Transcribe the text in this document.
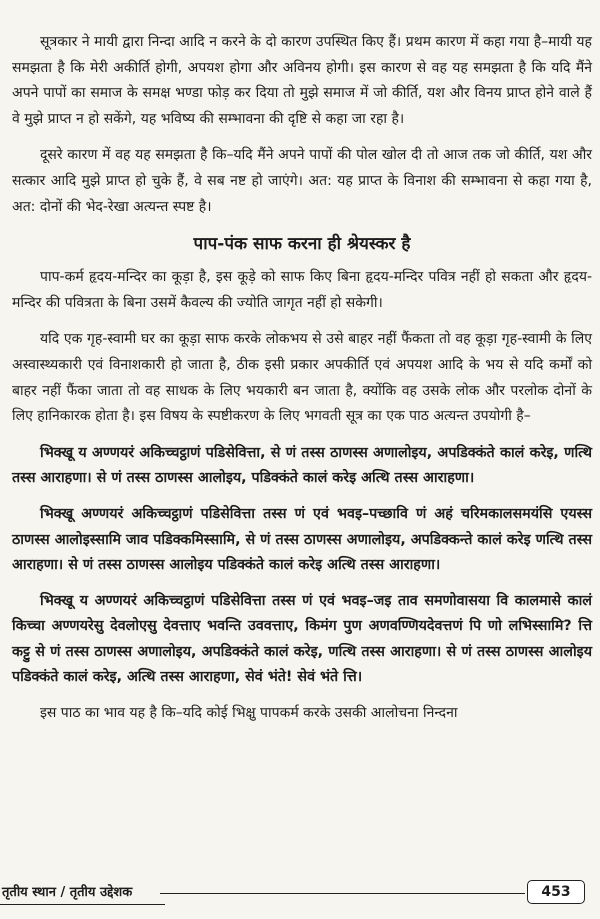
सूत्रकार ने मायी द्वारा निन्दा आदि न करने के दो कारण उपस्थित किए हैं। प्रथम कारण में कहा गया है–मायी यह समझता है कि मेरी अकीर्ति होगी, अपयश होगा और अविनय होगी। इस कारण से वह यह समझता है कि यदि मैंने अपने पापों का समाज के समक्ष भण्डा फोड़ कर दिया तो मुझे समाज में जो कीर्ति, यश और विनय प्राप्त होने वाले हैं वे मुझे प्राप्त न हो सकेंगे, यह भविष्य की सम्भावना की दृष्टि से कहा जा रहा है।

दूसरे कारण में वह यह समझता है कि–यदि मैंने अपने पापों की पोल खोल दी तो आज तक जो कीर्ति, यश और सत्कार आदि मुझे प्राप्त हो चुके हैं, वे सब नष्ट हो जाएंगे। अत: यह प्राप्त के विनाश की सम्भावना से कहा गया है, अत: दोनों की भेद-रेखा अत्यन्त स्पष्ट है।

पाप-पंक साफ करना ही श्रेयस्कर है

पाप-कर्म हृदय-मन्दिर का कूड़ा है, इस कूड़े को साफ किए बिना हृदय-मन्दिर पवित्र नहीं हो सकता और हृदय-मन्दिर की पवित्रता के बिना उसमें कैवल्य की ज्योति जागृत नहीं हो सकेगी।

यदि एक गृह-स्वामी घर का कूड़ा साफ करके लोकभय से उसे बाहर नहीं फैंकता तो वह कूड़ा गृह-स्वामी के लिए अस्वास्थ्यकारी एवं विनाशकारी हो जाता है, ठीक इसी प्रकार अपकीर्ति एवं अपयश आदि के भय से यदि कर्मों को बाहर नहीं फैंका जाता तो वह साधक के लिए भयकारी बन जाता है, क्योंकि वह उसके लोक और परलोक दोनों के लिए हानिकारक होता है। इस विषय के स्पष्टीकरण के लिए भगवती सूत्र का एक पाठ अत्यन्त उपयोगी है–

भिक्खू य अण्णयरं अकिच्चट्ठाणं पडिसेवित्ता, से णं तस्स ठाणस्स अणालोइय, अपडिक्कंते कालं करेइ, णत्थि तस्स आराहणा। से णं तस्स ठाणस्स आलोइय, पडिक्कंते कालं करेइ अत्थि तस्स आराहणा।

भिक्खू अण्णयरं अकिच्चट्ठाणं पडिसेवित्ता तस्स णं एवं भवइ–पच्छावि णं अहं चरिमकालसमयंसि एयस्स ठाणस्स आलोइस्सामि जाव पडिक्कमिस्सामि, से णं तस्स ठाणस्स अणालोइय, अपडिक्कन्ते कालं करेइ णत्थि तस्स आराहणा। से णं तस्स ठाणस्स आलोइय पडिक्कंते कालं करेइ अत्थि तस्स आराहणा।

भिक्खू य अण्णयरं अकिच्चट्ठाणं पडिसेवित्ता तस्स णं एवं भवइ–जइ ताव समणोवासया वि कालमासे कालं किच्चा अण्णयरेसु देवलोएसु देवत्ताए भवन्ति उववत्ताए, किमंग पुण अणवण्णियदेवत्तणं पि णो लभिस्सामि? त्ति कट्टु से णं तस्स ठाणस्स अणालोइय, अपडिक्कंते कालं करेइ, णत्थि तस्स आराहणा। से णं तस्स ठाणस्स आलोइय पडिक्कंते कालं करेइ, अत्थि तस्स आराहणा, सेवं भंते! सेवं भंते त्ति।

इस पाठ का भाव यह है कि–यदि कोई भिक्षु पापकर्म करके उसकी आलोचना निन्दना

तृतीय स्थान / तृतीय उद्देशक	453
